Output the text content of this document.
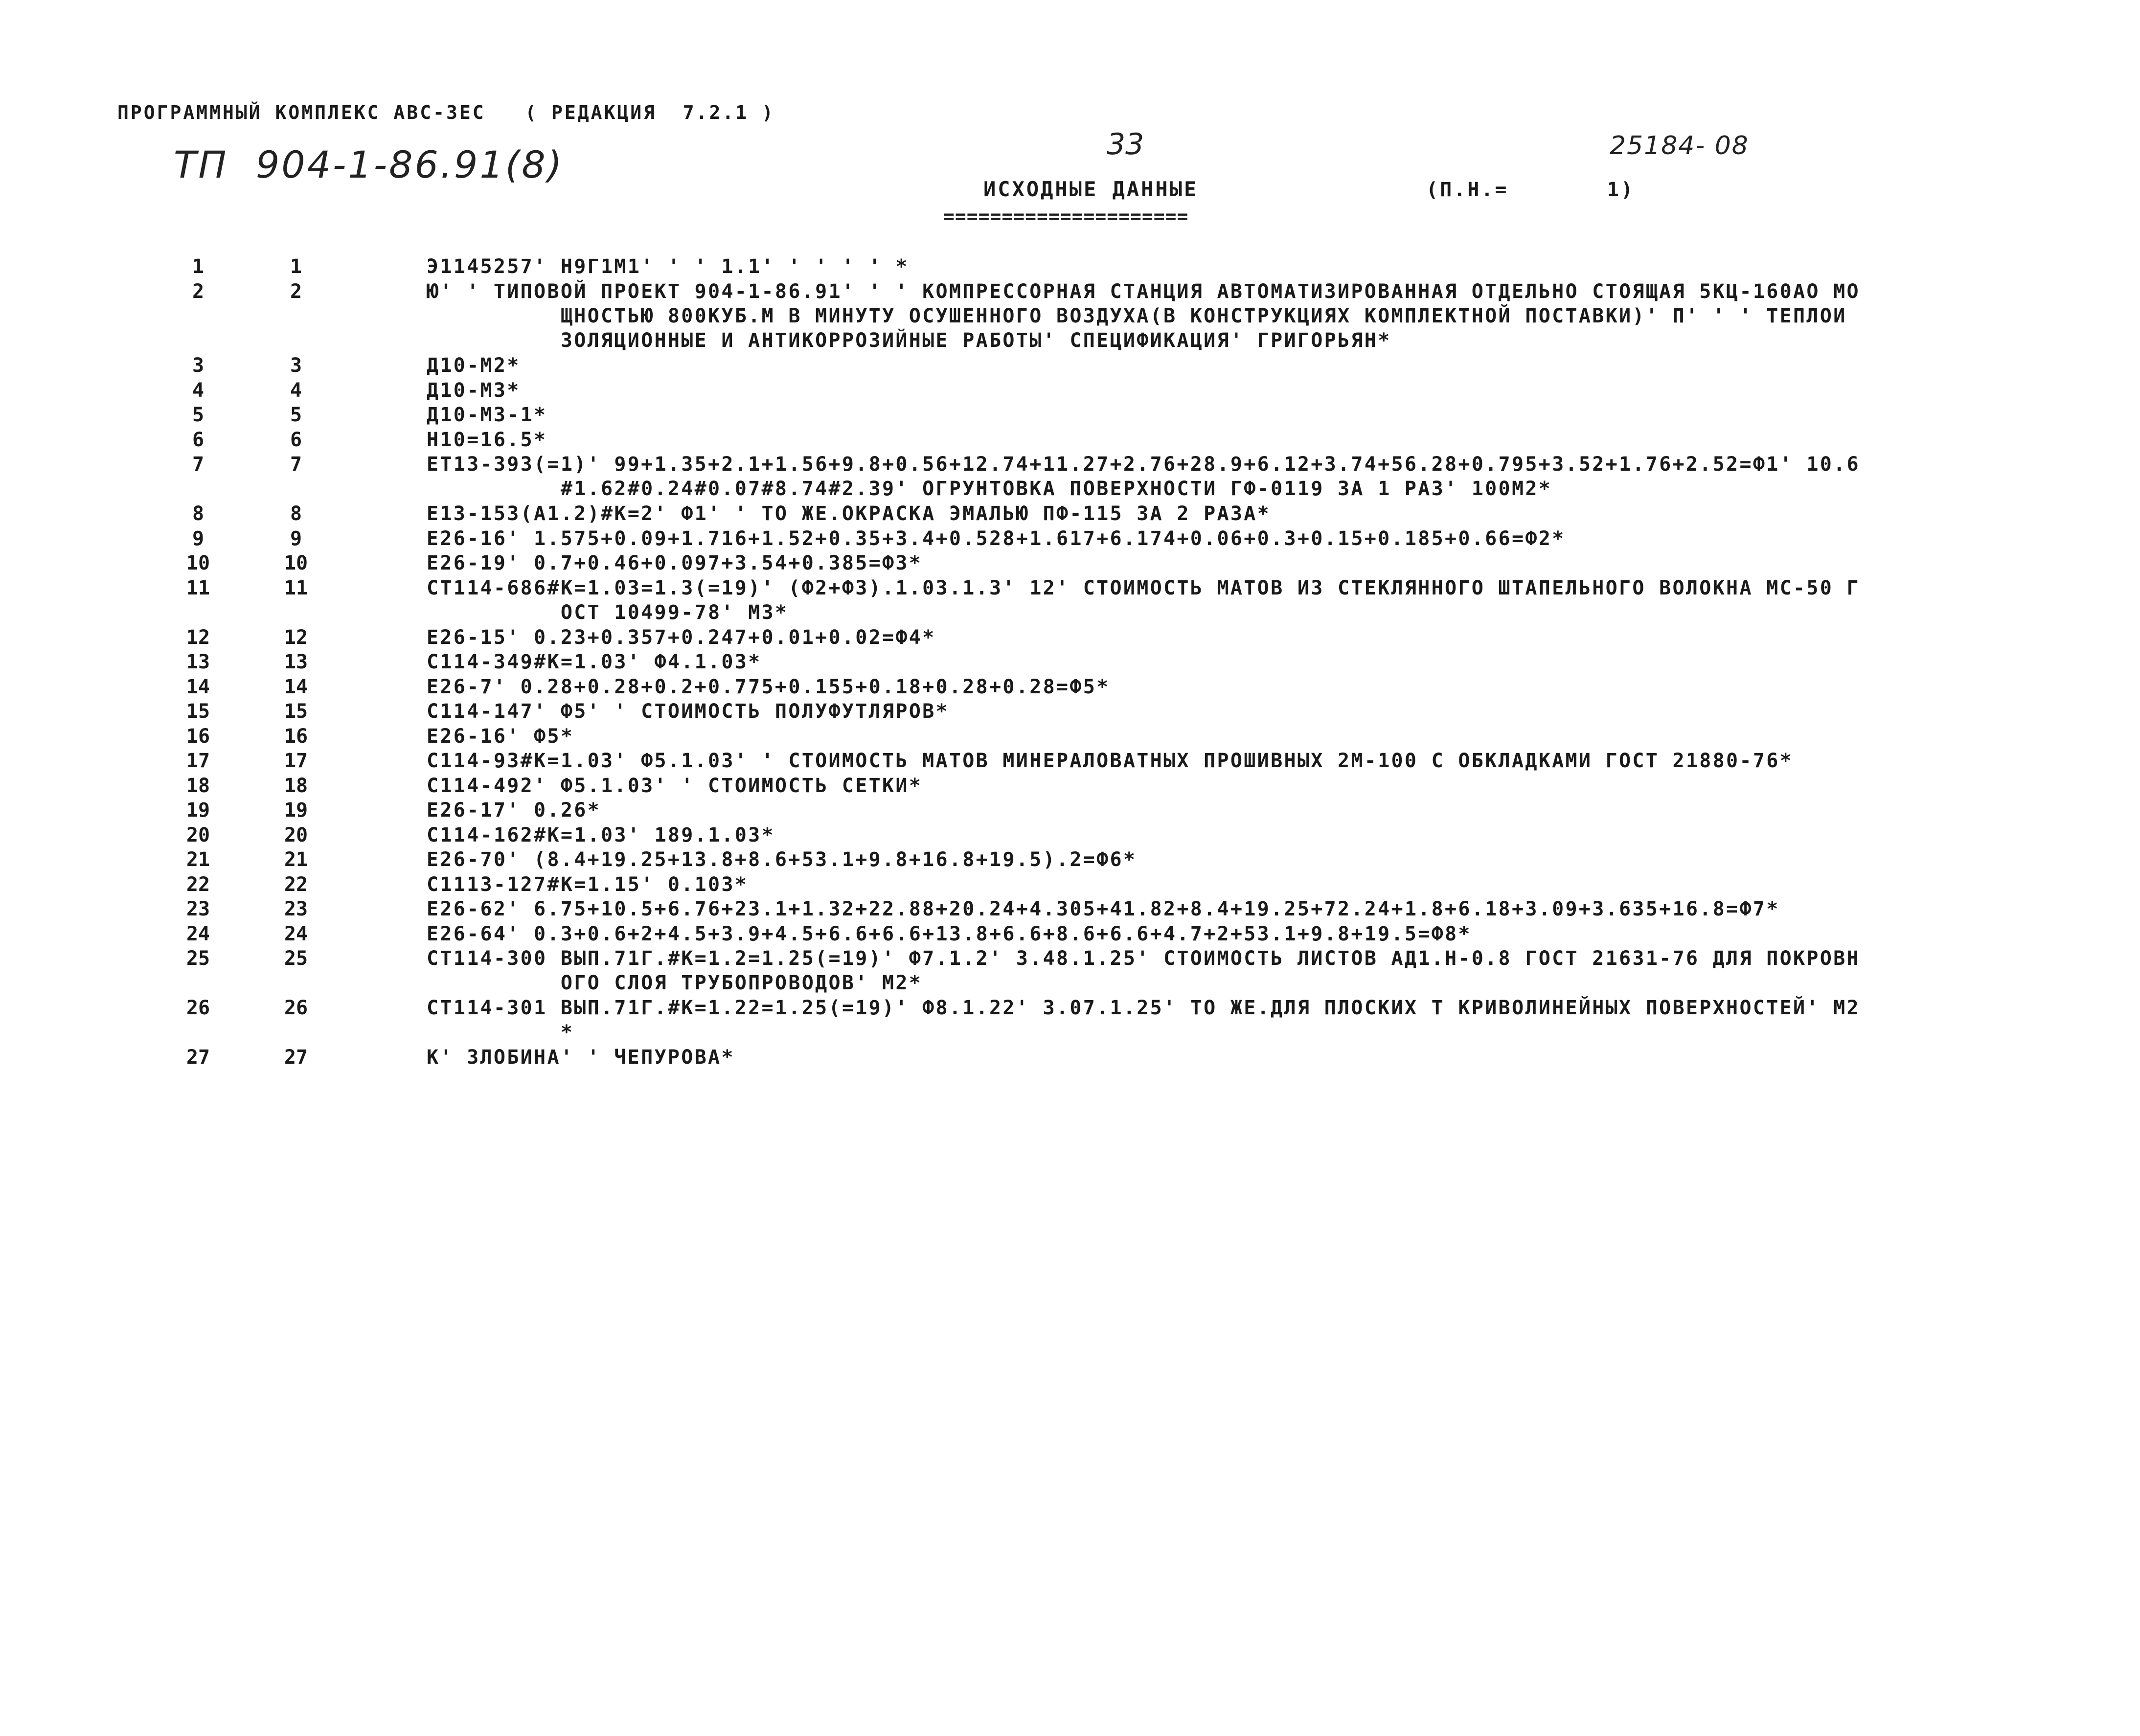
ПРОГРАММНЫЙ КОМПЛЕКС АВС-3ЕС   ( РЕДАКЦИЯ  7.2.1 )
ТП  904-1-86.91(8)	33	25184- 08
ИСХОДНЫЕ ДАННЫЕ
=====================
(П.Н.=	1)
1	1	Э1145257' Н9Г1М1' ' ' 1.1' ' ' ' ' *
2	2	Ю' ' ТИПОВОЙ ПРОЕКТ 904-1-86.91' ' ' КОМПРЕССОРНАЯ СТАНЦИЯ АВТОМАТИЗИРОВАННАЯ ОТДЕЛЬНО СТОЯЩАЯ 5КЦ-160АО МО
ЩНОСТЬЮ 800КУБ.М В МИНУТУ ОСУШЕННОГО ВОЗДУХА(В КОНСТРУКЦИЯХ КОМПЛЕКТНОЙ ПОСТАВКИ)' П' ' ' ТЕПЛОИ
ЗОЛЯЦИОННЫЕ И АНТИКОРРОЗИЙНЫЕ РАБОТЫ' СПЕЦИФИКАЦИЯ' ГРИГОРЬЯН*
3	3	Д10-М2*
4	4	Д10-М3*
5	5	Д10-М3-1*
6	6	Н10=16.5*
7	7	ЕТ13-393(=1)' 99+1.35+2.1+1.56+9.8+0.56+12.74+11.27+2.76+28.9+6.12+3.74+56.28+0.795+3.52+1.76+2.52=Ф1' 10.6
#1.62#0.24#0.07#8.74#2.39' ОГРУНТОВКА ПОВЕРХНОСТИ ГФ-0119 ЗА 1 РАЗ' 100М2*
8	8	Е13-153(А1.2)#К=2' Ф1' ' ТО ЖЕ.ОКРАСКА ЭМАЛЬЮ ПФ-115 ЗА 2 РАЗА*
9	9	Е26-16' 1.575+0.09+1.716+1.52+0.35+3.4+0.528+1.617+6.174+0.06+0.3+0.15+0.185+0.66=Ф2*
10	10	Е26-19' 0.7+0.46+0.097+3.54+0.385=Ф3*
11	11	СТ114-686#К=1.03=1.3(=19)' (Ф2+Ф3).1.03.1.3' 12' СТОИМОСТЬ МАТОВ ИЗ СТЕКЛЯННОГО ШТАПЕЛЬНОГО ВОЛОКНА МС-50 Г
ОСТ 10499-78' М3*
12	12	Е26-15' 0.23+0.357+0.247+0.01+0.02=Ф4*
13	13	С114-349#К=1.03' Ф4.1.03*
14	14	Е26-7' 0.28+0.28+0.2+0.775+0.155+0.18+0.28+0.28=Ф5*
15	15	С114-147' Ф5' ' СТОИМОСТЬ ПОЛУФУТЛЯРОВ*
16	16	Е26-16' Ф5*
17	17	С114-93#К=1.03' Ф5.1.03' ' СТОИМОСТЬ МАТОВ МИНЕРАЛОВАТНЫХ ПРОШИВНЫХ 2М-100 С ОБКЛАДКАМИ ГОСТ 21880-76*
18	18	С114-492' Ф5.1.03' ' СТОИМОСТЬ СЕТКИ*
19	19	Е26-17' 0.26*
20	20	С114-162#К=1.03' 189.1.03*
21	21	Е26-70' (8.4+19.25+13.8+8.6+53.1+9.8+16.8+19.5).2=Ф6*
22	22	С1113-127#К=1.15' 0.103*
23	23	Е26-62' 6.75+10.5+6.76+23.1+1.32+22.88+20.24+4.305+41.82+8.4+19.25+72.24+1.8+6.18+3.09+3.635+16.8=Ф7*
24	24	Е26-64' 0.3+0.6+2+4.5+3.9+4.5+6.6+6.6+13.8+6.6+8.6+6.6+4.7+2+53.1+9.8+19.5=Ф8*
25	25	СТ114-300 ВЫП.71Г.#К=1.2=1.25(=19)' Ф7.1.2' 3.48.1.25' СТОИМОСТЬ ЛИСТОВ АД1.Н-0.8 ГОСТ 21631-76 ДЛЯ ПОКРОВН
ОГО СЛОЯ ТРУБОПРОВОДОВ' М2*
26	26	СТ114-301 ВЫП.71Г.#К=1.22=1.25(=19)' Ф8.1.22' 3.07.1.25' ТО ЖЕ.ДЛЯ ПЛОСКИХ Т КРИВОЛИНЕЙНЫХ ПОВЕРХНОСТЕЙ' М2
*
27	27	К' ЗЛОБИНА' ' ЧЕПУРОВА*
